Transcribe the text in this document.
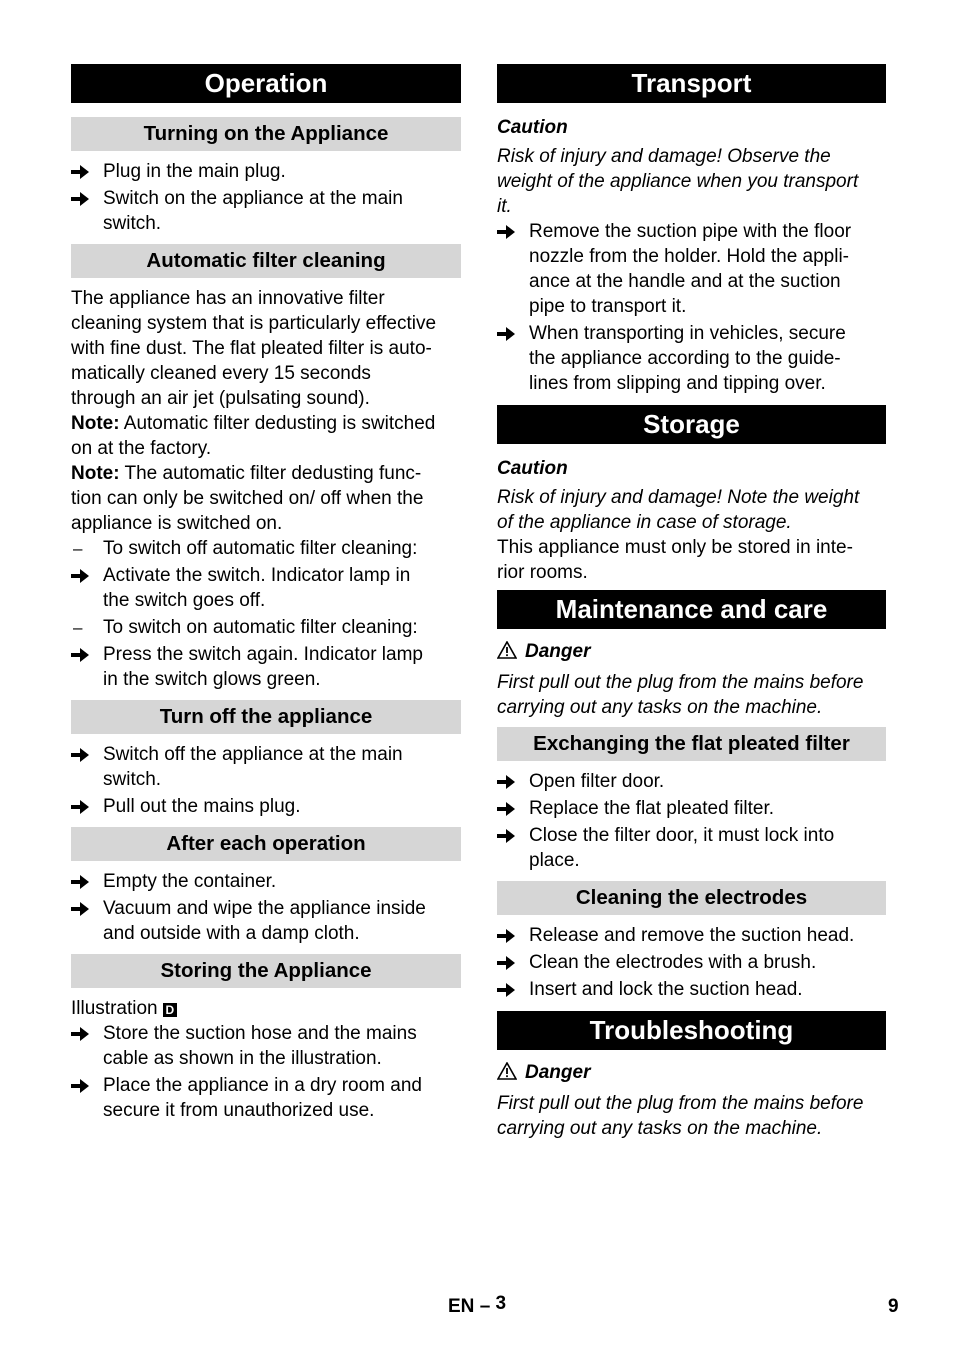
Operation
Turning on the Appliance
Plug in the main plug.
Switch on the appliance at the main
switch.
Automatic filter cleaning
The appliance has an innovative filter
cleaning system that is particularly effective
with fine dust. The flat pleated filter is auto-
matically cleaned every 15 seconds
through an air jet (pulsating sound).
Note: Automatic filter dedusting is switched
on at the factory.
Note: The automatic filter dedusting func-
tion can only be switched on/ off when the
appliance is switched on.
–	To switch off automatic filter cleaning:
Activate the switch. Indicator lamp in
the switch goes off.
–	To switch on automatic filter cleaning:
Press the switch again. Indicator lamp
in the switch glows green.
Turn off the appliance
Switch off the appliance at the main
switch.
Pull out the mains plug.
After each operation
Empty the container.
Vacuum and wipe the appliance inside
and outside with a damp cloth.
Storing the Appliance
Illustration D
Store the suction hose and the mains
cable as shown in the illustration.
Place the appliance in a dry room and
secure it from unauthorized use.
Transport
Caution
Risk of injury and damage! Observe the
weight of the appliance when you transport
it.
Remove the suction pipe with the floor
nozzle from the holder. Hold the appli-
ance at the handle and at the suction
pipe to transport it.
When transporting in vehicles, secure
the appliance according to the guide-
lines from slipping and tipping over.
Storage
Caution
Risk of injury and damage! Note the weight
of the appliance in case of storage.
This appliance must only be stored in inte-
rior rooms.
Maintenance and care
Danger
First pull out the plug from the mains before
carrying out any tasks on the machine.
Exchanging the flat pleated filter
Open filter door.
Replace the flat pleated filter.
Close the filter door, it must lock into
place.
Cleaning the electrodes
Release and remove the suction head.
Clean the electrodes with a brush.
Insert and lock the suction head.
Troubleshooting
Danger
First pull out the plug from the mains before
carrying out any tasks on the machine.
EN – 3	9
